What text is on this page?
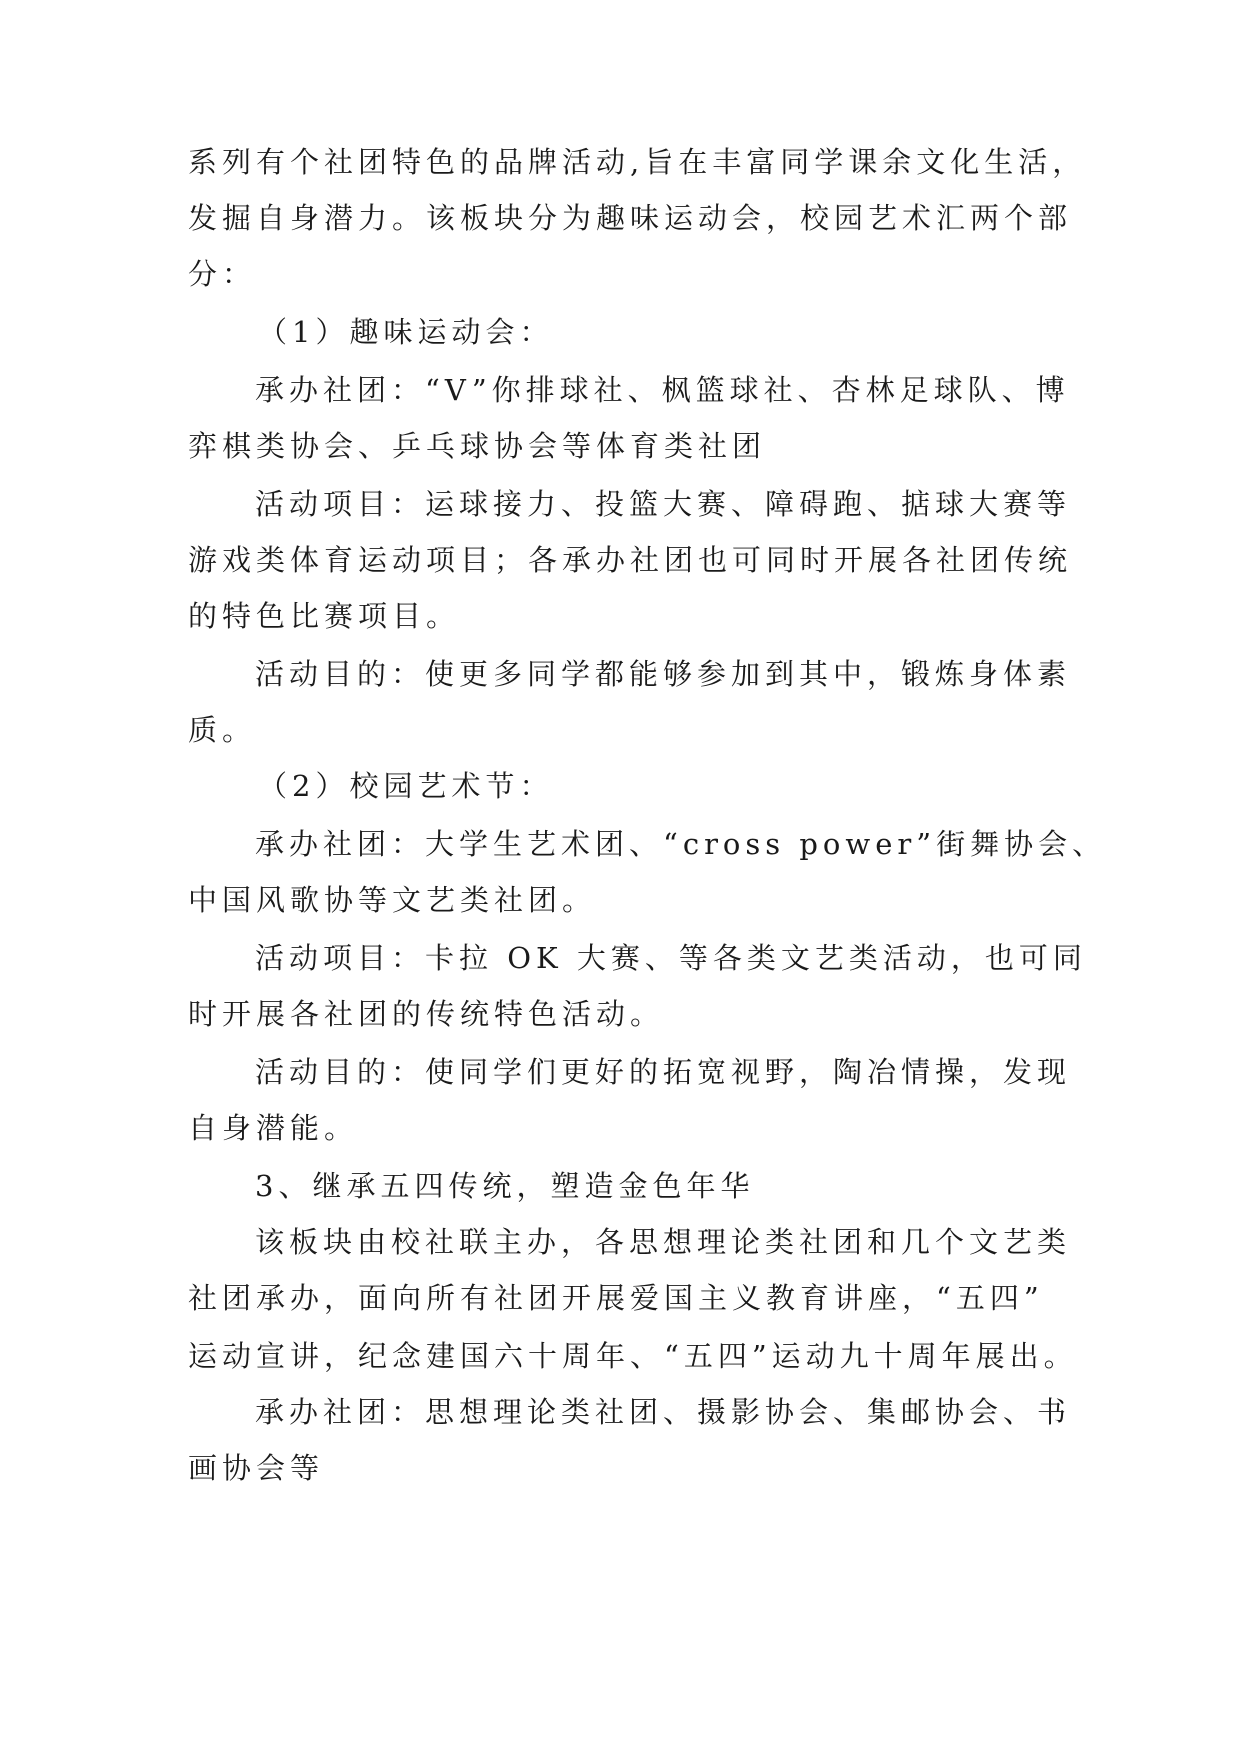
系列有个社团特色的品牌活动,旨在丰富同学课余文化生活，

发掘自身潜力。该板块分为趣味运动会，校园艺术汇两个部

分：

（1）趣味运动会：

承办社团：“V”你排球社、枫篮球社、杏林足球队、博

弈棋类协会、乒乓球协会等体育类社团

活动项目：运球接力、投篮大赛、障碍跑、掂球大赛等

游戏类体育运动项目；各承办社团也可同时开展各社团传统

的特色比赛项目。

活动目的：使更多同学都能够参加到其中，锻炼身体素

质。

（2）校园艺术节：

承办社团：大学生艺术团、“cross power”街舞协会、

中国风歌协等文艺类社团。

活动项目：卡拉 OK 大赛、等各类文艺类活动，也可同

时开展各社团的传统特色活动。

活动目的：使同学们更好的拓宽视野，陶冶情操，发现

自身潜能。

3、继承五四传统，塑造金色年华

该板块由校社联主办，各思想理论类社团和几个文艺类

社团承办，面向所有社团开展爱国主义教育讲座，“五四”

运动宣讲，纪念建国六十周年、“五四”运动九十周年展出。

承办社团：思想理论类社团、摄影协会、集邮协会、书

画协会等
